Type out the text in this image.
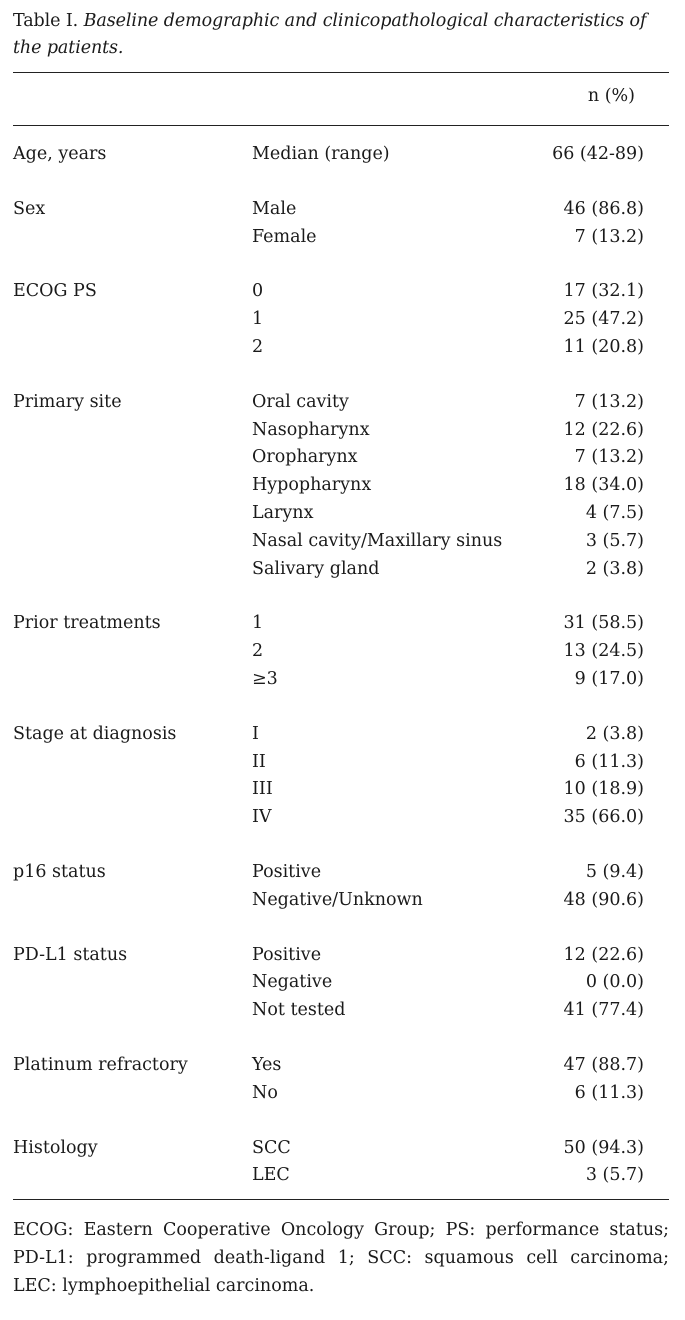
Table I. Baseline demographic and clinicopathological characteristics of the patients.
n (%)
Age, years	Median (range)	66 (42-89)
Sex	Male	46 (86.8)
Female	7 (13.2)
ECOG PS	0	17 (32.1)
1	25 (47.2)
2	11 (20.8)
Primary site	Oral cavity	7 (13.2)
Nasopharynx	12 (22.6)
Oropharynx	7 (13.2)
Hypopharynx	18 (34.0)
Larynx	4 (7.5)
Nasal cavity/Maxillary sinus	3 (5.7)
Salivary gland	2 (3.8)
Prior treatments	1	31 (58.5)
2	13 (24.5)
≥3	9 (17.0)
Stage at diagnosis	I	2 (3.8)
II	6 (11.3)
III	10 (18.9)
IV	35 (66.0)
p16 status	Positive	5 (9.4)
Negative/Unknown	48 (90.6)
PD-L1 status	Positive	12 (22.6)
Negative	0 (0.0)
Not tested	41 (77.4)
Platinum refractory	Yes	47 (88.7)
No	6 (11.3)
Histology	SCC	50 (94.3)
LEC	3 (5.7)
ECOG: Eastern Cooperative Oncology Group; PS: performance status; PD-L1: programmed death-ligand 1; SCC: squamous cell carcinoma; LEC: lymphoepithelial carcinoma.
